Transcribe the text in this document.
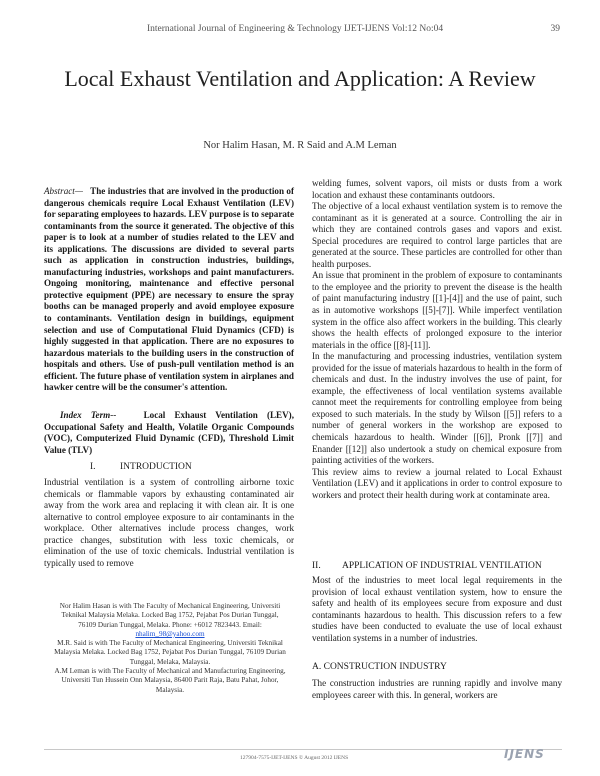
International Journal of Engineering & Technology IJET-IJENS Vol:12 No:04	39
Local Exhaust Ventilation and Application: A Review
Nor Halim Hasan, M. R Said and A.M Leman

Abstract— The industries that are involved in the production of dangerous chemicals require Local Exhaust Ventilation (LEV) for separating employees to hazards. LEV purpose is to separate contaminants from the source it generated. The objective of this paper is to look at a number of studies related to the LEV and its applications. The discussions are divided to several parts such as application in construction industries, buildings, manufacturing industries, workshops and paint manufacturers. Ongoing monitoring, maintenance and effective personal protective equipment (PPE) are necessary to ensure the spray booths can be managed properly and avoid employee exposure to contaminants. Ventilation design in buildings, equipment selection and use of Computational Fluid Dynamics (CFD) is highly suggested in that application. There are no exposures to hazardous materials to the building users in the construction of hospitals and others. Use of push-pull ventilation method is an efficient. The future phase of ventilation system in airplanes and hawker centre will be the consumer's attention.

Index Term--	Local Exhaust Ventilation (LEV), Occupational Safety and Health, Volatile Organic Compounds (VOC), Computerized Fluid Dynamic (CFD), Threshold Limit Value (TLV)

I.	INTRODUCTION

Industrial ventilation is a system of controlling airborne toxic chemicals or flammable vapors by exhausting contaminated air away from the work area and replacing it with clean air. It is one alternative to control employee exposure to air contaminants in the workplace. Other alternatives include process changes, work practice changes, substitution with less toxic chemicals, or elimination of the use of toxic chemicals. Industrial ventilation is typically used to remove

Nor Halim Hasan is with The Faculty of Mechanical Engineering, Universiti Teknikal Malaysia Melaka. Locked Bag 1752, Pejabat Pos Durian Tunggal, 76109 Durian Tunggal, Melaka. Phone: +6012 7823443. Email: nhalim_98@yahoo.com

M.R. Said is with The Faculty of Mechanical Engineering, Universiti Teknikal Malaysia Melaka. Locked Bag 1752, Pejabat Pos Durian Tunggal, 76109 Durian Tunggal, Melaka, Malaysia.

A.M Leman is with The Faculty of Mechanical and Manufacturing Engineering, Universiti Tun Hussein Onn Malaysia, 86400 Parit Raja, Batu Pahat, Johor, Malaysia.

welding fumes, solvent vapors, oil mists or dusts from a work location and exhaust these contaminants outdoors.

The objective of a local exhaust ventilation system is to remove the contaminant as it is generated at a source. Controlling the air in which they are contained controls gases and vapors and exist. Special procedures are required to control large particles that are generated at the source. These particles are controlled for other than health purposes.

An issue that prominent in the problem of exposure to contaminants to the employee and the priority to prevent the disease is the health of paint manufacturing industry [[1]-[4]] and the use of paint, such as in automotive workshops [[5]-[7]]. While imperfect ventilation system in the office also affect workers in the building. This clearly shows the health effects of prolonged exposure to the interior materials in the office [[8]-[11]].

In the manufacturing and processing industries, ventilation system provided for the issue of materials hazardous to health in the form of chemicals and dust. In the industry involves the use of paint, for example, the effectiveness of local ventilation systems available cannot meet the requirements for controlling employee from being exposed to such materials. In the study by Wilson [[5]] refers to a number of general workers in the workshop are exposed to chemicals hazardous to health. Winder [[6]], Pronk [[7]] and Enander [[12]] also undertook a study on chemical exposure from painting activities of the workers.

This review aims to review a journal related to Local Exhaust Ventilation (LEV) and it applications in order to control exposure to workers and protect their health during work at contaminate area.

II. APPLICATION OF INDUSTRIAL VENTILATION

Most of the industries to meet local legal requirements in the provision of local exhaust ventilation system, how to ensure the safety and health of its employees secure from exposure and dust contaminants hazardous to health. This discussion refers to a few studies have been conducted to evaluate the use of local exhaust ventilation systems in a number of industries.

A. CONSTRUCTION INDUSTRY

The construction industries are running rapidly and involve many employees career with this. In general, workers are

127904-7575-IJET-IJENS © August 2012 IJENS	IJENS
